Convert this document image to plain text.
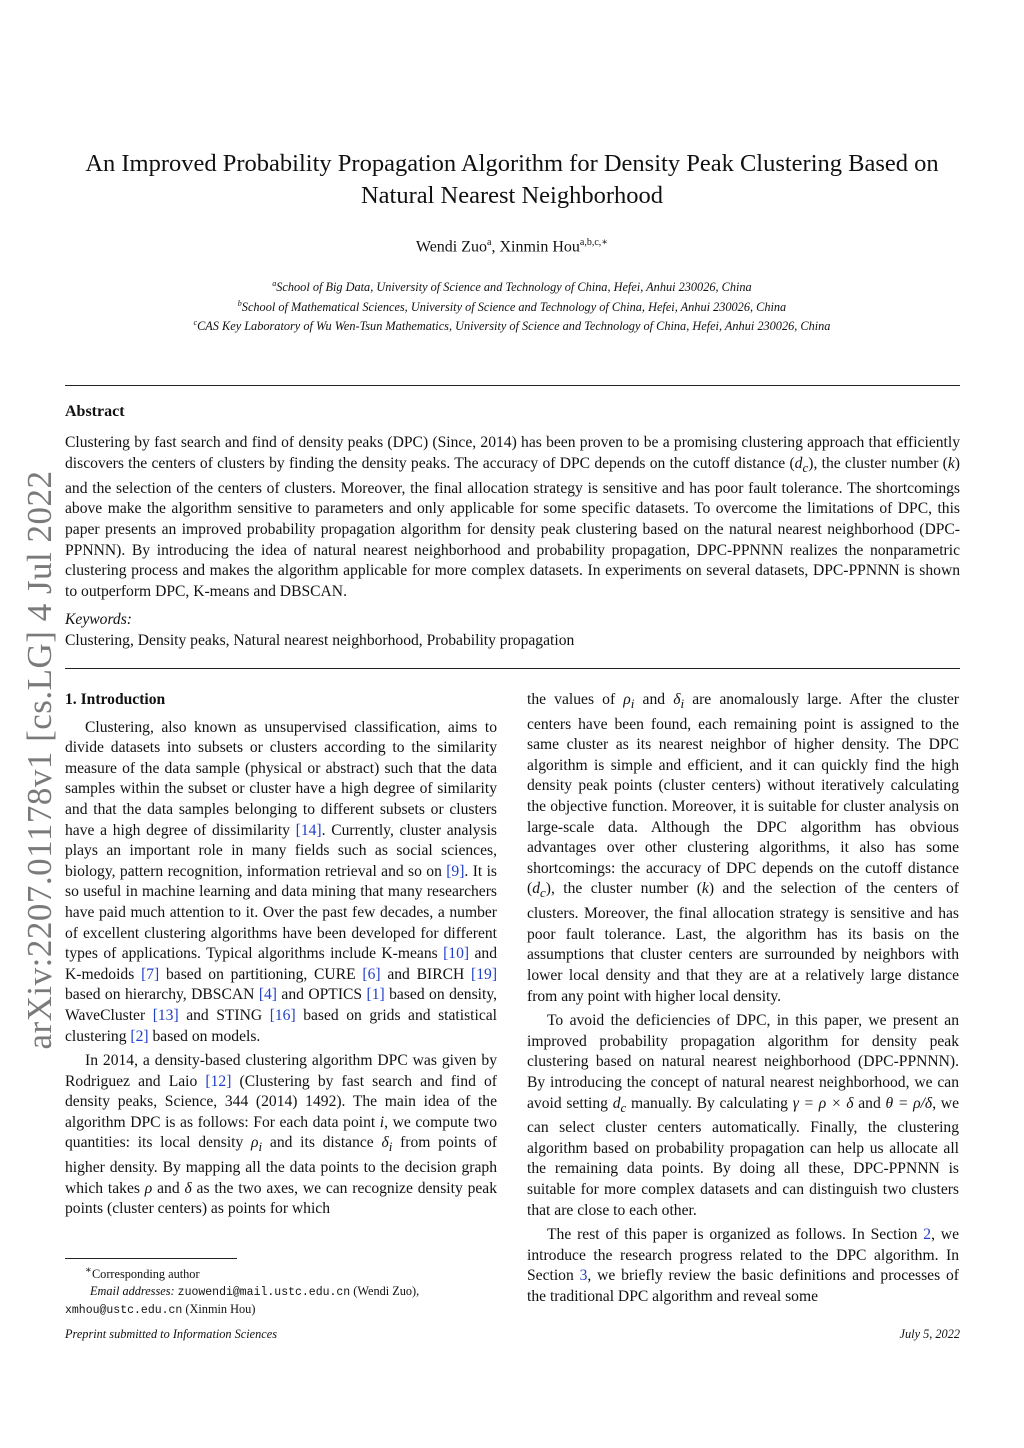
arXiv:2207.01178v1 [cs.LG] 4 Jul 2022
An Improved Probability Propagation Algorithm for Density Peak Clustering Based on
Natural Nearest Neighborhood
Wendi Zuo$^a$, Xinmin Hou$^{a,b,c,∗}$
$^a$School of Big Data, University of Science and Technology of China, Hefei, Anhui 230026, China
$^b$School of Mathematical Sciences, University of Science and Technology of China, Hefei, Anhui 230026, China
$^c$CAS Key Laboratory of Wu Wen-Tsun Mathematics, University of Science and Technology of China, Hefei, Anhui 230026, China
Abstract
Clustering by fast search and find of density peaks (DPC) (Since, 2014) has been proven to be a promising clustering approach that efficiently discovers the centers of clusters by finding the density peaks. The accuracy of DPC depends on the cutoff distance $(d_c)$, the cluster number (k) and the selection of the centers of clusters. Moreover, the final allocation strategy is sensitive and has poor fault tolerance. The shortcomings above make the algorithm sensitive to parameters and only applicable for some specific datasets. To overcome the limitations of DPC, this paper presents an improved probability propagation algorithm for density peak clustering based on the natural nearest neighborhood (DPC-PPNNN). By introducing the idea of natural nearest neighborhood and probability propagation, DPC-PPNNN realizes the nonparametric clustering process and makes the algorithm applicable for more complex datasets. In experiments on several datasets, DPC-PPNNN is shown to outperform DPC, K-means and DBSCAN.
Keywords:
Clustering, Density peaks, Natural nearest neighborhood, Probability propagation
1. Introduction

Clustering, also known as unsupervised classification, aims to divide datasets into subsets or clusters according to the similarity measure of the data sample (physical or abstract) such that the data samples within the subset or cluster have a high degree of similarity and that the data samples belonging to different subsets or clusters have a high degree of dissimilarity [14]. Currently, cluster analysis plays an important role in many fields such as social sciences, biology, pattern recognition, information retrieval and so on [9]. It is so useful in machine learning and data mining that many researchers have paid much attention to it. Over the past few decades, a number of excellent clustering algorithms have been developed for different types of applications. Typical algorithms include K-means [10] and K-medoids [7] based on partitioning, CURE [6] and BIRCH [19] based on hierarchy, DBSCAN [4] and OPTICS [1] based on density, WaveCluster [13] and STING [16] based on grids and statistical clustering [2] based on models.

In 2014, a density-based clustering algorithm DPC was given by Rodriguez and Laio [12] (Clustering by fast search and find of density peaks, Science, 344 (2014) 1492). The main idea of the algorithm DPC is as follows: For each data point i, we compute two quantities: its local density $\rho_i$ and its distance $\delta_i$ from points of higher density. By mapping all the data points to the decision graph which takes ρ and δ as the two axes, we can recognize density peak points (cluster centers) as points for which

the values of $\rho_i$ and $\delta_i$ are anomalously large. After the cluster centers have been found, each remaining point is assigned to the same cluster as its nearest neighbor of higher density. The DPC algorithm is simple and efficient, and it can quickly find the high density peak points (cluster centers) without iteratively calculating the objective function. Moreover, it is suitable for cluster analysis on large-scale data. Although the DPC algorithm has obvious advantages over other clustering algorithms, it also has some shortcomings: the accuracy of DPC depends on the cutoff distance $(d_c)$, the cluster number (k) and the selection of the centers of clusters. Moreover, the final allocation strategy is sensitive and has poor fault tolerance. Last, the algorithm has its basis on the assumptions that cluster centers are surrounded by neighbors with lower local density and that they are at a relatively large distance from any point with higher local density.

To avoid the deficiencies of DPC, in this paper, we present an improved probability propagation algorithm for density peak clustering based on natural nearest neighborhood (DPC-PPNNN). By introducing the concept of natural nearest neighborhood, we can avoid setting $d_c$ manually. By calculating γ = ρ × δ and θ = ρ/δ, we can select cluster centers automatically. Finally, the clustering algorithm based on probability propagation can help us allocate all the remaining data points. By doing all these, DPC-PPNNN is suitable for more complex datasets and can distinguish two clusters that are close to each other.

The rest of this paper is organized as follows. In Section 2, we introduce the research progress related to the DPC algorithm. In Section 3, we briefly review the basic definitions and processes of the traditional DPC algorithm and reveal some

∗Corresponding author
Email addresses: zuowendi@mail.ustc.edu.cn (Wendi Zuo),
xmhou@ustc.edu.cn (Xinmin Hou)
Preprint submitted to Information Sciences	July 5, 2022
